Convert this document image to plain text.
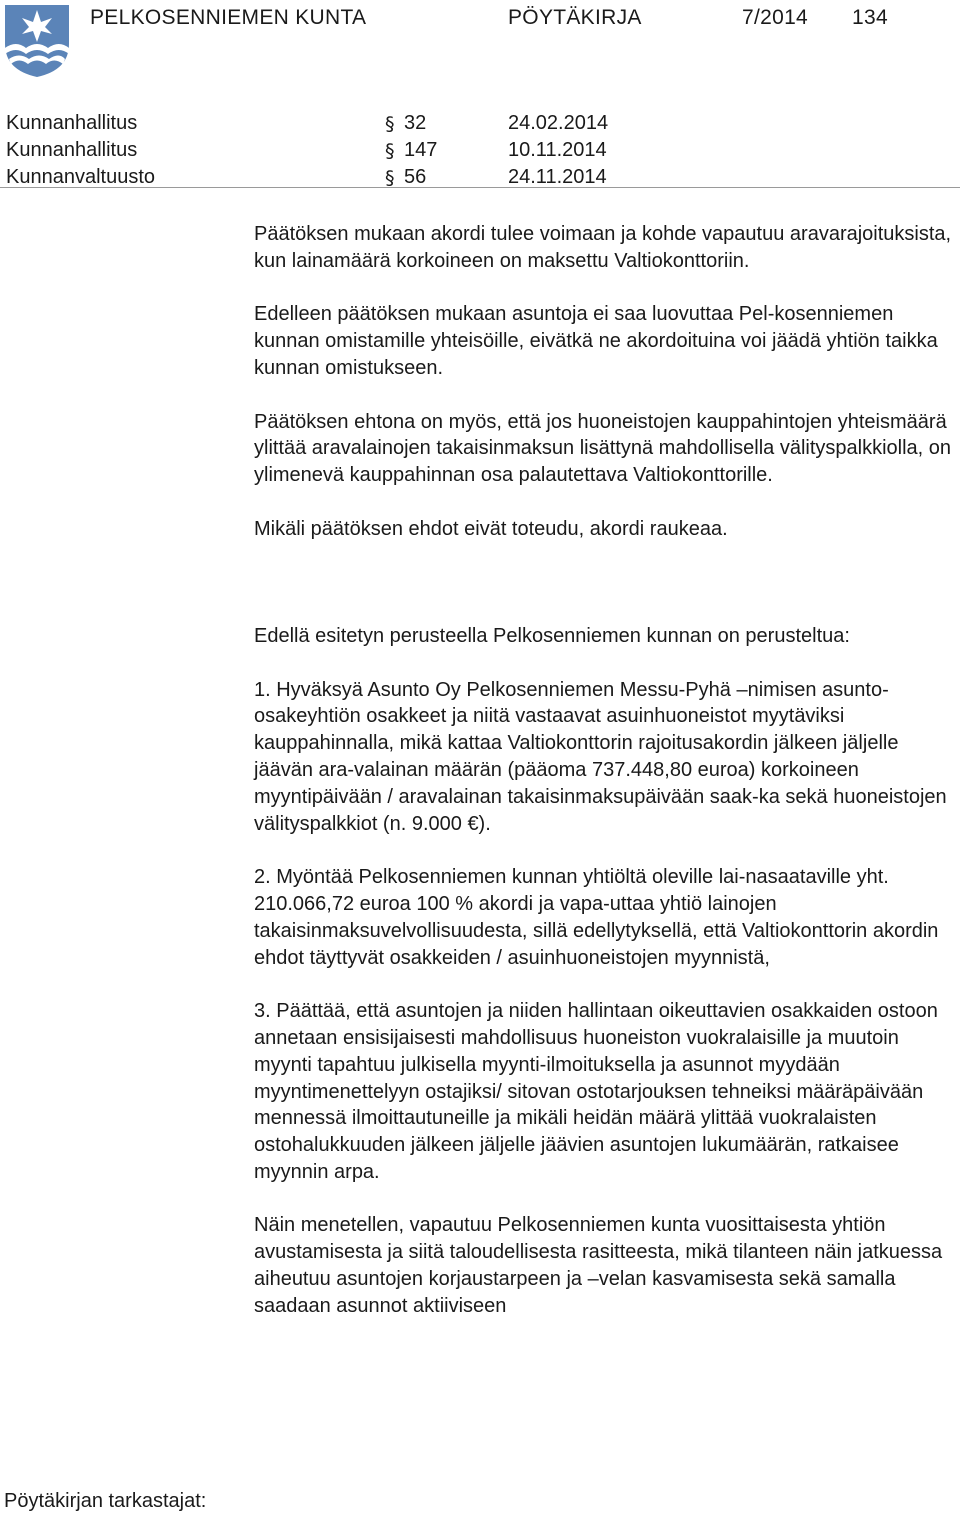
PELKOSENNIEMEN KUNTA	PÖYTÄKIRJA	7/2014 134
Kunnanhallitus	§ 32	24.02.2014
Kunnanhallitus	§ 147	10.11.2014
Kunnanvaltuusto	§ 56	24.11.2014

Päätöksen mukaan akordi tulee voimaan ja kohde vapautuu aravarajoituksista, kun lainamäärä korkoineen on maksettu Valtiokonttoriin.

Edelleen päätöksen mukaan asuntoja ei saa luovuttaa Pel-kosenniemen kunnan omistamille yhteisöille, eivätkä ne akordoituina voi jäädä yhtiön taikka kunnan omistukseen.

Päätöksen ehtona on myös, että jos huoneistojen kauppahintojen yhteismäärä ylittää aravalainojen takaisinmaksun lisättynä mahdollisella välityspalkkiolla, on ylimenevä kauppahinnan osa palautettava Valtiokonttorille.

Mikäli päätöksen ehdot eivät toteudu, akordi raukeaa.

Edellä esitetyn perusteella Pelkosenniemen kunnan on perusteltua:

1. Hyväksyä Asunto Oy Pelkosenniemen Messu-Pyhä –nimisen asunto-osakeyhtiön osakkeet ja niitä vastaavat asuinhuoneistot myytäviksi kauppahinnalla, mikä kattaa Valtiokonttorin rajoitusakordin jälkeen jäljelle jäävän ara-valainan määrän (pääoma 737.448,80 euroa) korkoineen myyntipäivään / aravalainan takaisinmaksupäivään saak-ka sekä huoneistojen välityspalkkiot (n. 9.000 €).

2. Myöntää Pelkosenniemen kunnan yhtiöltä oleville lai-nasaataville yht. 210.066,72 euroa 100 % akordi ja vapa-uttaa yhtiö lainojen takaisinmaksuvelvollisuudesta, sillä edellytyksellä, että Valtiokonttorin akordin ehdot täyttyvät osakkeiden / asuinhuoneistojen myynnistä,

3. Päättää, että asuntojen ja niiden hallintaan oikeuttavien osakkaiden ostoon annetaan ensisijaisesti mahdollisuus huoneiston vuokralaisille ja muutoin myynti tapahtuu julkisella myynti-ilmoituksella ja asunnot myydään myyntimenettelyyn ostajiksi/ sitovan ostotarjouksen tehneiksi määräpäivään mennessä ilmoittautuneille ja mikäli heidän määrä ylittää vuokralaisten ostohalukkuuden jälkeen jäljelle jäävien asuntojen lukumäärän, ratkaisee myynnin arpa.

Näin menetellen, vapautuu Pelkosenniemen kunta vuosittaisesta yhtiön avustamisesta ja siitä taloudellisesta rasitteesta, mikä tilanteen näin jatkuessa aiheutuu asuntojen korjaustarpeen ja –velan kasvamisesta sekä samalla saadaan asunnot aktiiviseen

Pöytäkirjan tarkastajat:
